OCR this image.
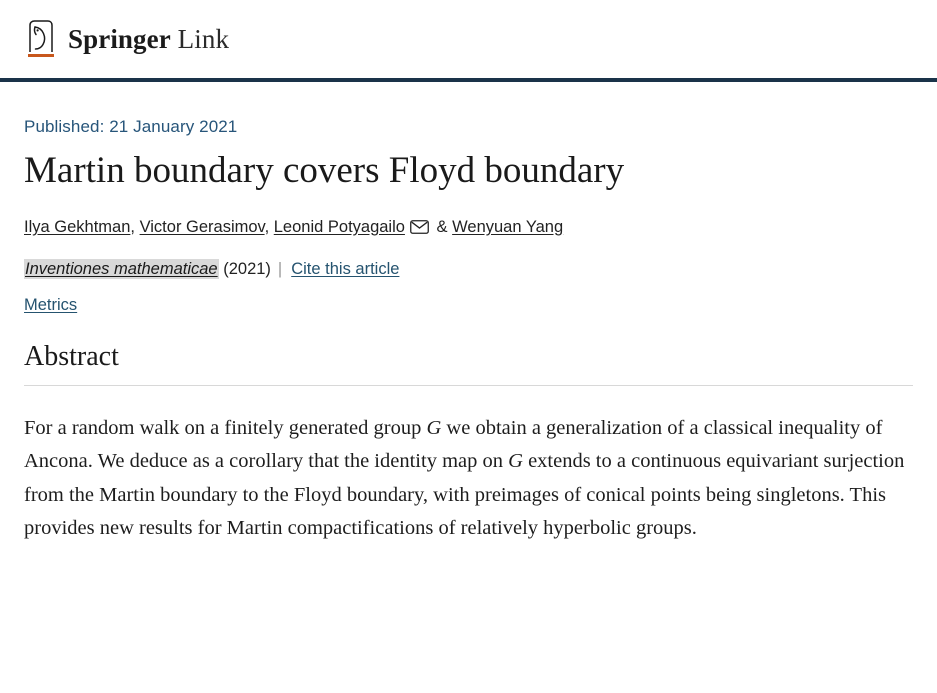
Springer Link
Published: 21 January 2021
Martin boundary covers Floyd boundary
Ilya Gekhtman, Victor Gerasimov, Leonid Potyagailo & Wenyuan Yang
Inventiones mathematicae (2021) | Cite this article
Metrics
Abstract

For a random walk on a finitely generated group G we obtain a generalization of a classical inequality of Ancona. We deduce as a corollary that the identity map on G extends to a continuous equivariant surjection from the Martin boundary to the Floyd boundary, with preimages of conical points being singletons. This provides new results for Martin compactifications of relatively hyperbolic groups.
